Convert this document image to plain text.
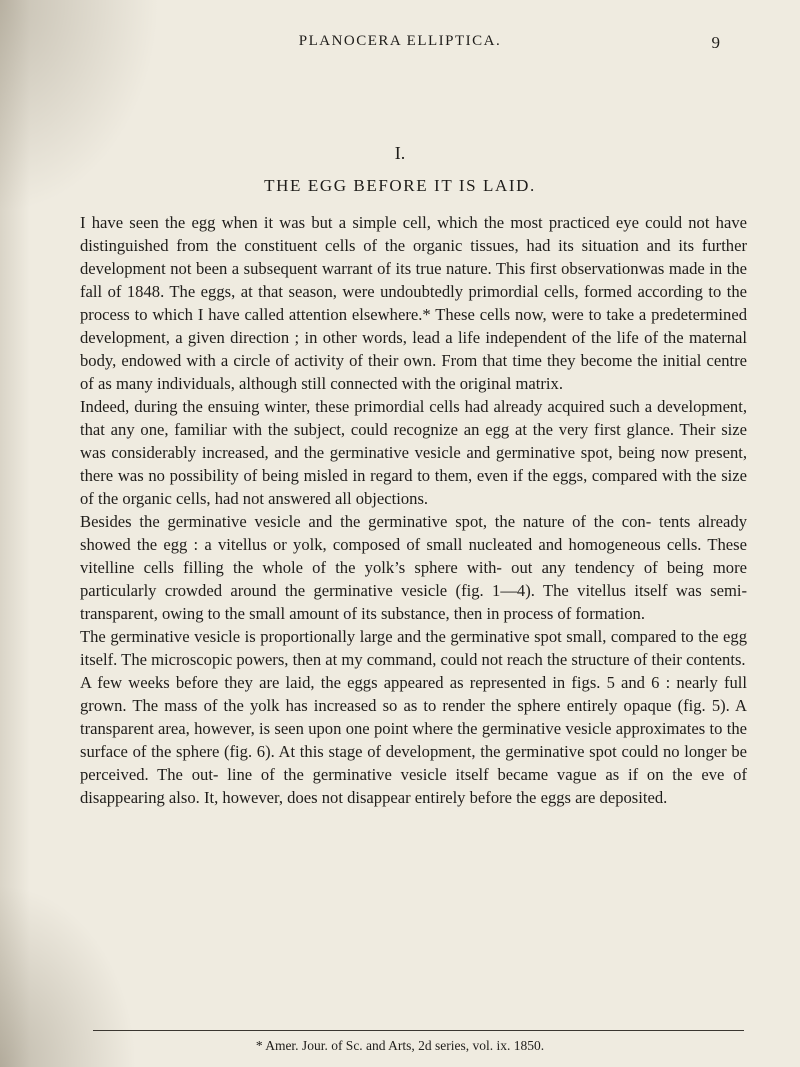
PLANOCERA ELLIPTICA.	9
I.
THE EGG BEFORE IT IS LAID.

I have seen the egg when it was but a simple cell, which the most practiced eye could not have distinguished from the constituent cells of the organic tissues, had its situation and its further development not been a subsequent warrant of its true nature. This first observationwas made in the fall of 1848. The eggs, at that season, were undoubtedly primordial cells, formed according to the process to which I have called attention elsewhere.* These cells now, were to take a predetermined development, a given direction ; in other words, lead a life independent of the life of the maternal body, endowed with a circle of activity of their own. From that time they become the initial centre of as many individuals, although still connected with the original matrix.

Indeed, during the ensuing winter, these primordial cells had already acquired such a development, that any one, familiar with the subject, could recognize an egg at the very first glance. Their size was considerably increased, and the germinative vesicle and germinative spot, being now present, there was no possibility of being misled in regard to them, even if the eggs, compared with the size of the organic cells, had not answered all objections.

Besides the germinative vesicle and the germinative spot, the nature of the con- tents already showed the egg : a vitellus or yolk, composed of small nucleated and homogeneous cells. These vitelline cells filling the whole of the yolk’s sphere with- out any tendency of being more particularly crowded around the germinative vesicle (fig. 1—4). The vitellus itself was semi-transparent, owing to the small amount of its substance, then in process of formation.

The germinative vesicle is proportionally large and the germinative spot small, compared to the egg itself. The microscopic powers, then at my command, could not reach the structure of their contents.

A few weeks before they are laid, the eggs appeared as represented in figs. 5 and 6 : nearly full grown. The mass of the yolk has increased so as to render the sphere entirely opaque (fig. 5). A transparent area, however, is seen upon one point where the germinative vesicle approximates to the surface of the sphere (fig. 6). At this stage of development, the germinative spot could no longer be perceived. The out- line of the germinative vesicle itself became vague as if on the eve of disappearing also. It, however, does not disappear entirely before the eggs are deposited.

* Amer. Jour. of Sc. and Arts, 2d series, vol. ix. 1850.
